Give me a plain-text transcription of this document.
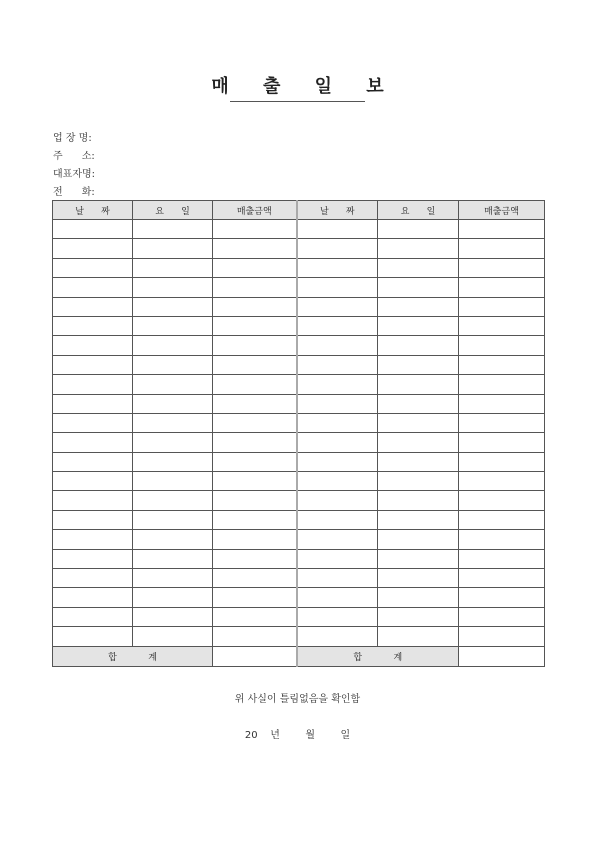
매 출 일 보
업 장 명:
주      소:
대표자명:
전      화:
날      짜	요      일	매출금액	날      짜	요      일	매출금액

합           계			합           계		
위 사실이 틀림없음을 확인함
20    년        월        일
